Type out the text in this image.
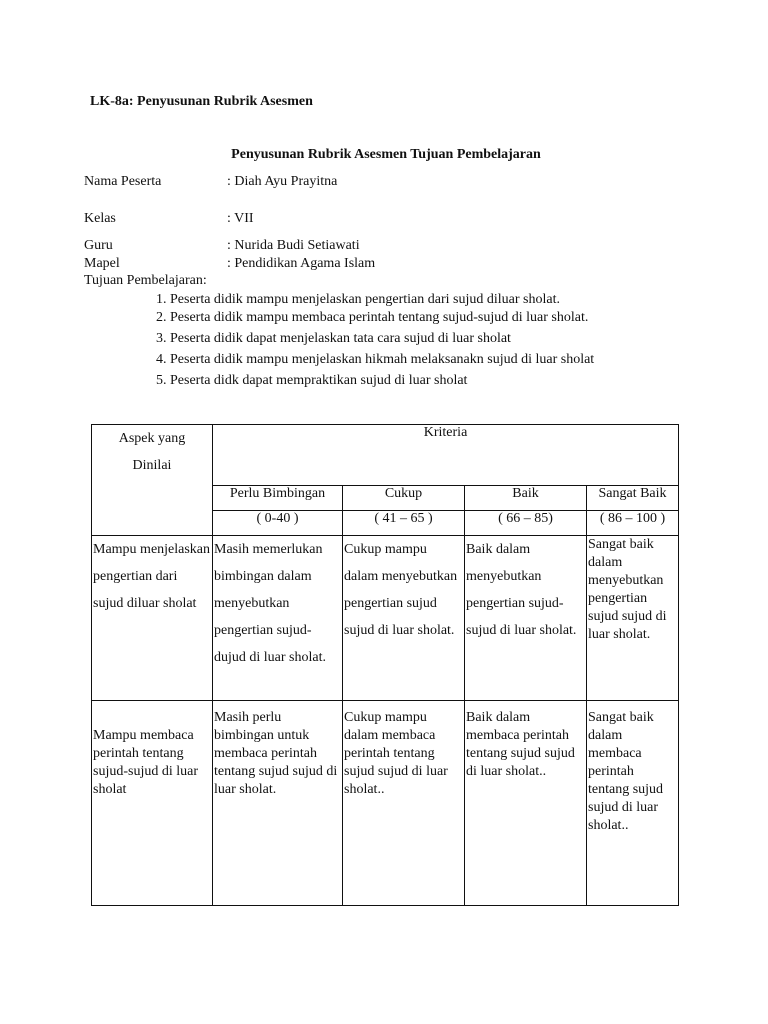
LK-8a: Penyusunan Rubrik Asesmen
Penyusunan Rubrik Asesmen Tujuan Pembelajaran
Nama Peserta	: Diah Ayu Prayitna
Kelas	: VII
Guru	: Nurida Budi Setiawati
Mapel	: Pendidikan Agama Islam
Tujuan Pembelajaran:
1. Peserta didik mampu menjelaskan pengertian dari sujud diluar sholat.
2. Peserta didik mampu membaca perintah tentang sujud-sujud di luar sholat.
3. Peserta didik dapat menjelaskan tata cara sujud di luar sholat
4. Peserta didik mampu menjelaskan hikmah melaksanakn sujud di luar sholat
5. Peserta didk dapat mempraktikan sujud di luar sholat
Aspek yang
Dinilai	Kriteria			
	Perlu Bimbingan	Cukup	Baik	Sangat Baik
	( 0-40 )	( 41 – 65 )	( 66 – 85)	( 86 – 100 )

Mampu menjelaskan pengertian dari sujud diluar sholat	Masih memerlukan bimbingan dalam menyebutkan pengertian sujud-dujud di luar sholat.	Cukup mampu dalam menyebutkan pengertian sujud sujud di luar sholat.	Baik dalam menyebutkan pengertian sujud-sujud di luar sholat.	Sangat baik dalam menyebutkan pengertian sujud sujud di luar sholat.

Mampu membaca perintah tentang sujud-sujud di luar sholat	Masih perlu bimbingan untuk membaca perintah tentang sujud sujud di luar sholat.	Cukup mampu dalam membaca perintah tentang sujud sujud di luar sholat..	Baik dalam membaca perintah tentang sujud sujud di luar sholat..	Sangat baik dalam membaca perintah tentang sujud sujud di luar sholat..
